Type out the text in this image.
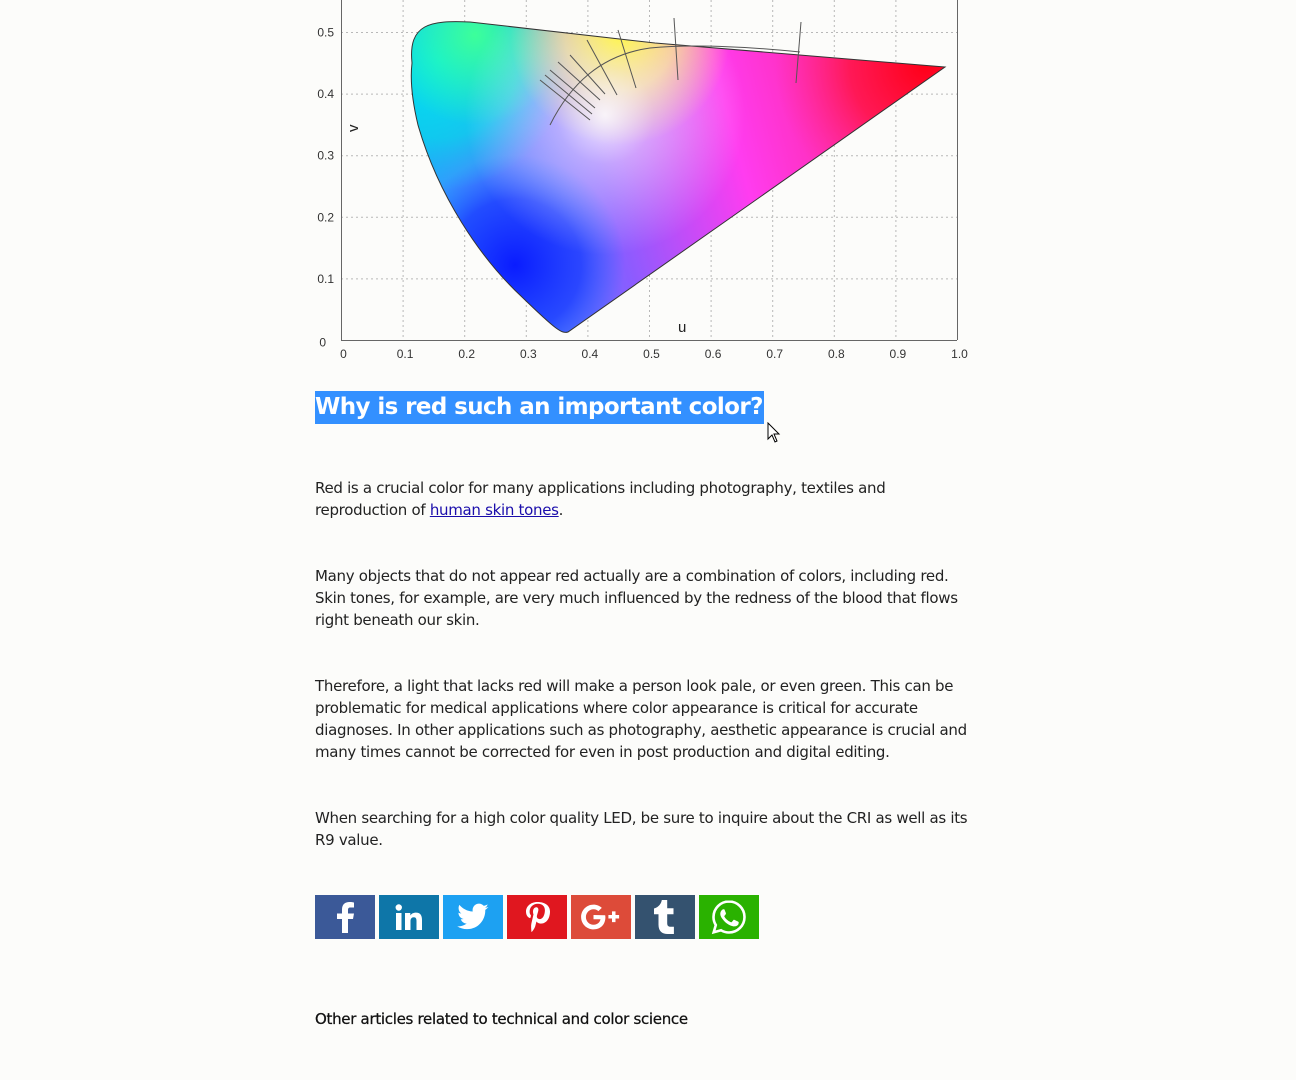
0	0.1	0.2	0.3	0.4	0.5	0.6	0.7	0.8	0.9	1.0
0.5
0.4
0.3
0.2
0.1
0
u
v
Why is red such an important color?

Red is a crucial color for many applications including photography, textiles and reproduction of human skin tones.

Many objects that do not appear red actually are a combination of colors, including red. Skin tones, for example, are very much influenced by the redness of the blood that flows right beneath our skin.

Therefore, a light that lacks red will make a person look pale, or even green. This can be problematic for medical applications where color appearance is critical for accurate diagnoses. In other applications such as photography, aesthetic appearance is crucial and many times cannot be corrected for even in post production and digital editing.

When searching for a high color quality LED, be sure to inquire about the CRI as well as its R9 value.

Other articles related to technical and color science
